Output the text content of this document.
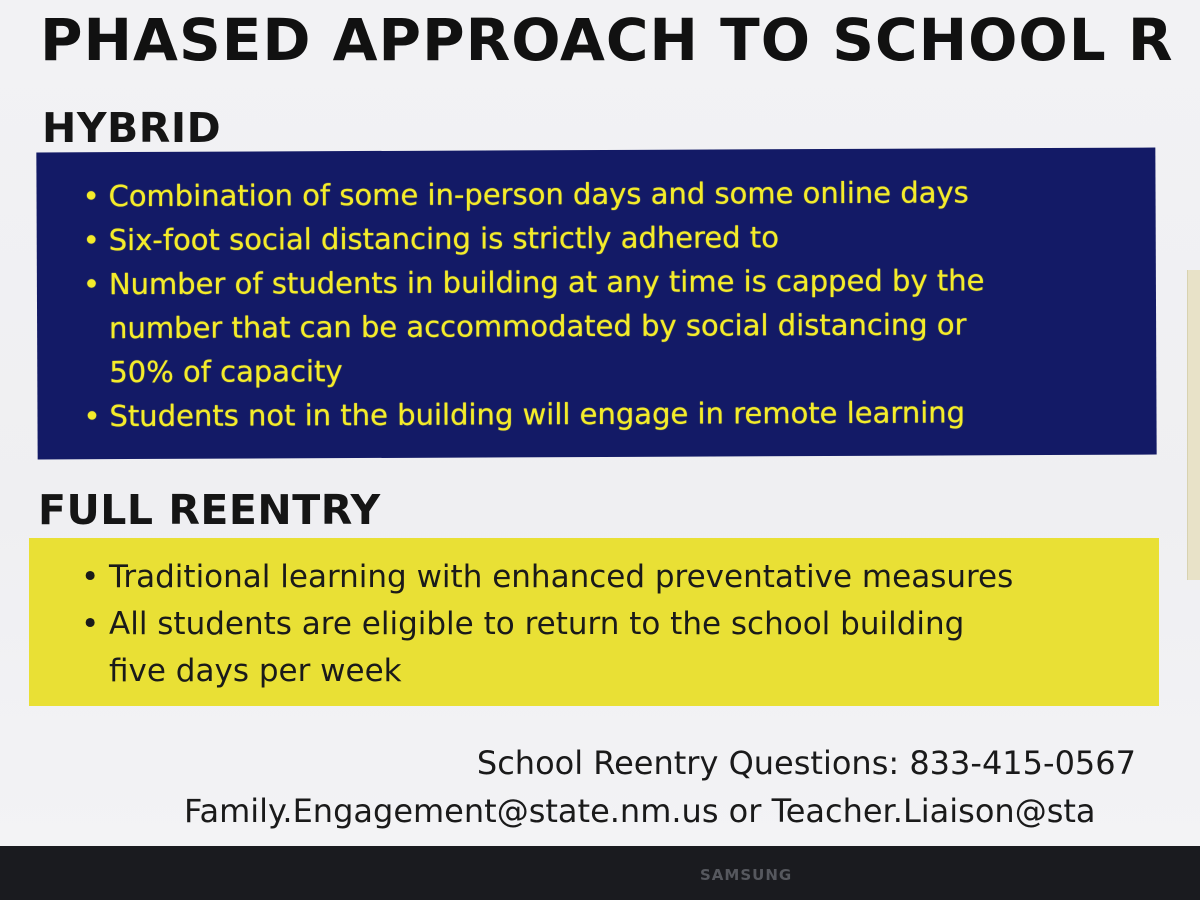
PHASED APPROACH TO SCHOOL R
HYBRID
• Combination of some in-person days and some online days
• Six-foot social distancing is strictly adhered to
• Number of students in building at any time is capped by the
number that can be accommodated by social distancing or
50% of capacity
• Students not in the building will engage in remote learning
FULL REENTRY
• Traditional learning with enhanced preventative measures
• All students are eligible to return to the school building
five days per week
School Reentry Questions: 833-415-0567
Family.Engagement@state.nm.us or Teacher.Liaison@sta
SAMSUNG
